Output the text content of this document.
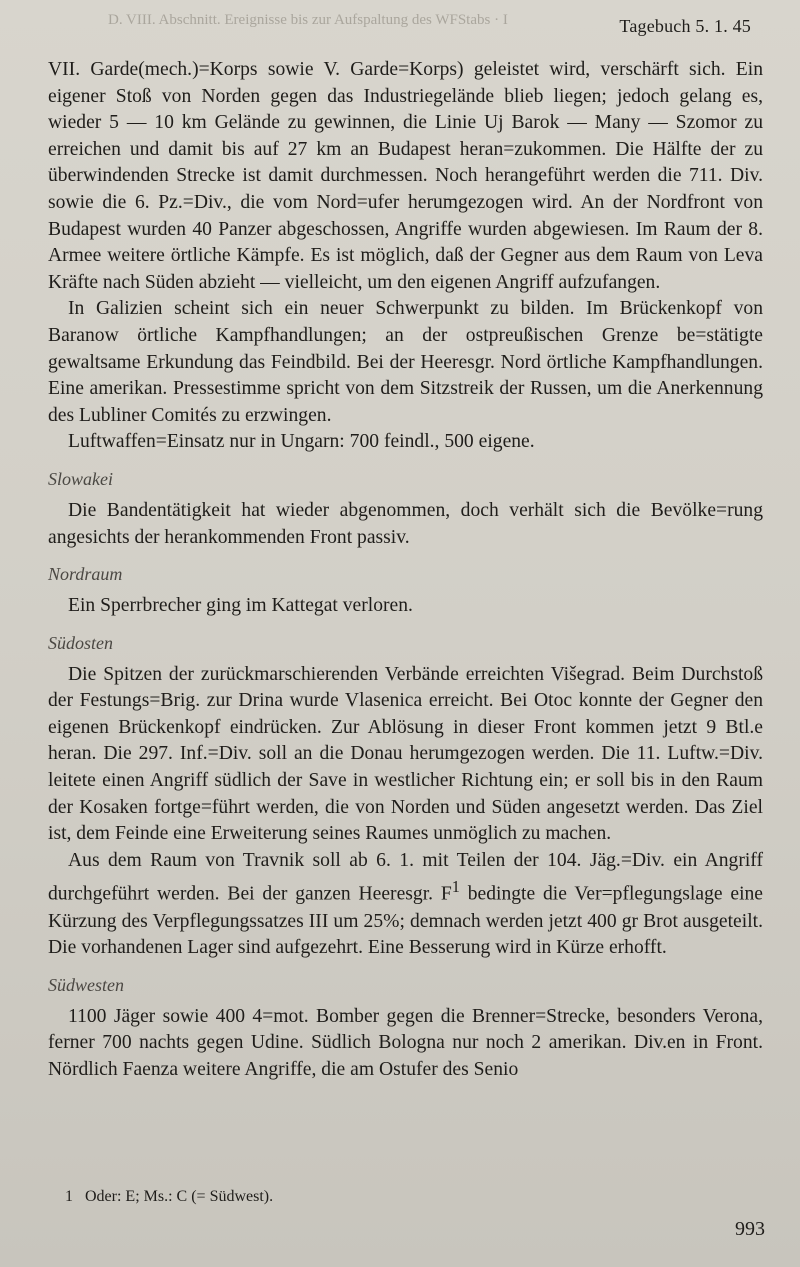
D. VIII. Abschnitt. Ereignisse bis zur Aufspaltung des WFStabs · I	Tagebuch 5. 1. 45

VII. Garde(mech.)=Korps sowie V. Garde=Korps) geleistet wird, verschärft sich. Ein eigener Stoß von Norden gegen das Industriegelände blieb liegen; jedoch gelang es, wieder 5 — 10 km Gelände zu gewinnen, die Linie Uj Barok — Many — Szomor zu erreichen und damit bis auf 27 km an Budapest heran=zukommen. Die Hälfte der zu überwindenden Strecke ist damit durchmessen. Noch herangeführt werden die 711. Div. sowie die 6. Pz.=Div., die vom Nord=ufer herumgezogen wird. An der Nordfront von Budapest wurden 40 Panzer abgeschossen, Angriffe wurden abgewiesen. Im Raum der 8. Armee weitere örtliche Kämpfe. Es ist möglich, daß der Gegner aus dem Raum von Leva Kräfte nach Süden abzieht — vielleicht, um den eigenen Angriff aufzufangen.

In Galizien scheint sich ein neuer Schwerpunkt zu bilden. Im Brückenkopf von Baranow örtliche Kampfhandlungen; an der ostpreußischen Grenze be=stätigte gewaltsame Erkundung das Feindbild. Bei der Heeresgr. Nord örtliche Kampfhandlungen. Eine amerikan. Pressestimme spricht von dem Sitzstreik der Russen, um die Anerkennung des Lubliner Comités zu erzwingen.

Luftwaffen=Einsatz nur in Ungarn: 700 feindl., 500 eigene.

Slowakei

Die Bandentätigkeit hat wieder abgenommen, doch verhält sich die Bevölke=rung angesichts der herankommenden Front passiv.

Nordraum

Ein Sperrbrecher ging im Kattegat verloren.

Südosten

Die Spitzen der zurückmarschierenden Verbände erreichten Višegrad. Beim Durchstoß der Festungs=Brig. zur Drina wurde Vlasenica erreicht. Bei Otoc konnte der Gegner den eigenen Brückenkopf eindrücken. Zur Ablösung in dieser Front kommen jetzt 9 Btl.e heran. Die 297. Inf.=Div. soll an die Donau herumgezogen werden. Die 11. Luftw.=Div. leitete einen Angriff südlich der Save in westlicher Richtung ein; er soll bis in den Raum der Kosaken fortge=führt werden, die von Norden und Süden angesetzt werden. Das Ziel ist, dem Feinde eine Erweiterung seines Raumes unmöglich zu machen.

Aus dem Raum von Travnik soll ab 6. 1. mit Teilen der 104. Jäg.=Div. ein Angriff durchgeführt werden. Bei der ganzen Heeresgr. $F^1$ bedingte die Ver=pflegungslage eine Kürzung des Verpflegungssatzes III um 25%; demnach werden jetzt 400 gr Brot ausgeteilt. Die vorhandenen Lager sind aufgezehrt. Eine Besserung wird in Kürze erhofft.

Südwesten

1100 Jäger sowie 400 4=mot. Bomber gegen die Brenner=Strecke, besonders Verona, ferner 700 nachts gegen Udine. Südlich Bologna nur noch 2 amerikan. Div.en in Front. Nördlich Faenza weitere Angriffe, die am Ostufer des Senio

1 Oder: E; Ms.: C (= Südwest).
993
